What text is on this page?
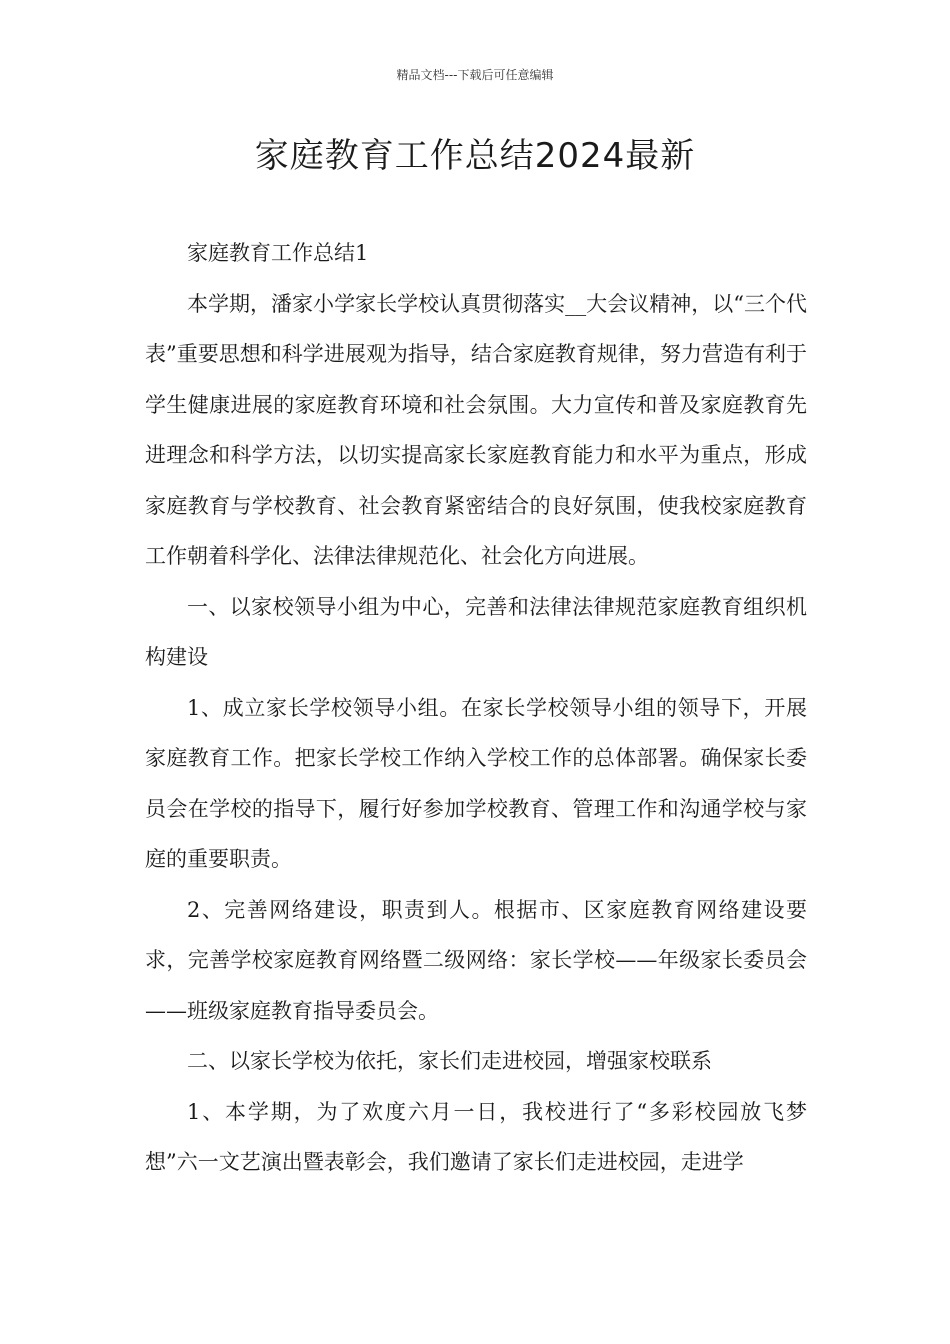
精品文档---下载后可任意编辑
家庭教育工作总结2024最新

家庭教育工作总结1

本学期，潘家小学家长学校认真贯彻落实__大会议精神，以“三个代表”重要思想和科学进展观为指导，结合家庭教育规律，努力营造有利于学生健康进展的家庭教育环境和社会氛围。大力宣传和普及家庭教育先进理念和科学方法，以切实提高家长家庭教育能力和水平为重点，形成家庭教育与学校教育、社会教育紧密结合的良好氛围，使我校家庭教育工作朝着科学化、法律法律规范化、社会化方向进展。

一、以家校领导小组为中心，完善和法律法律规范家庭教育组织机构建设

1、成立家长学校领导小组。在家长学校领导小组的领导下，开展家庭教育工作。把家长学校工作纳入学校工作的总体部署。确保家长委员会在学校的指导下，履行好参加学校教育、管理工作和沟通学校与家庭的重要职责。

2、完善网络建设，职责到人。根据市、区家庭教育网络建设要求，完善学校家庭教育网络暨二级网络：家长学校——年级家长委员会——班级家庭教育指导委员会。

二、以家长学校为依托，家长们走进校园，增强家校联系

1、本学期，为了欢度六月一日，我校进行了“多彩校园放飞梦想”六一文艺演出暨表彰会，我们邀请了家长们走进校园，走进学
